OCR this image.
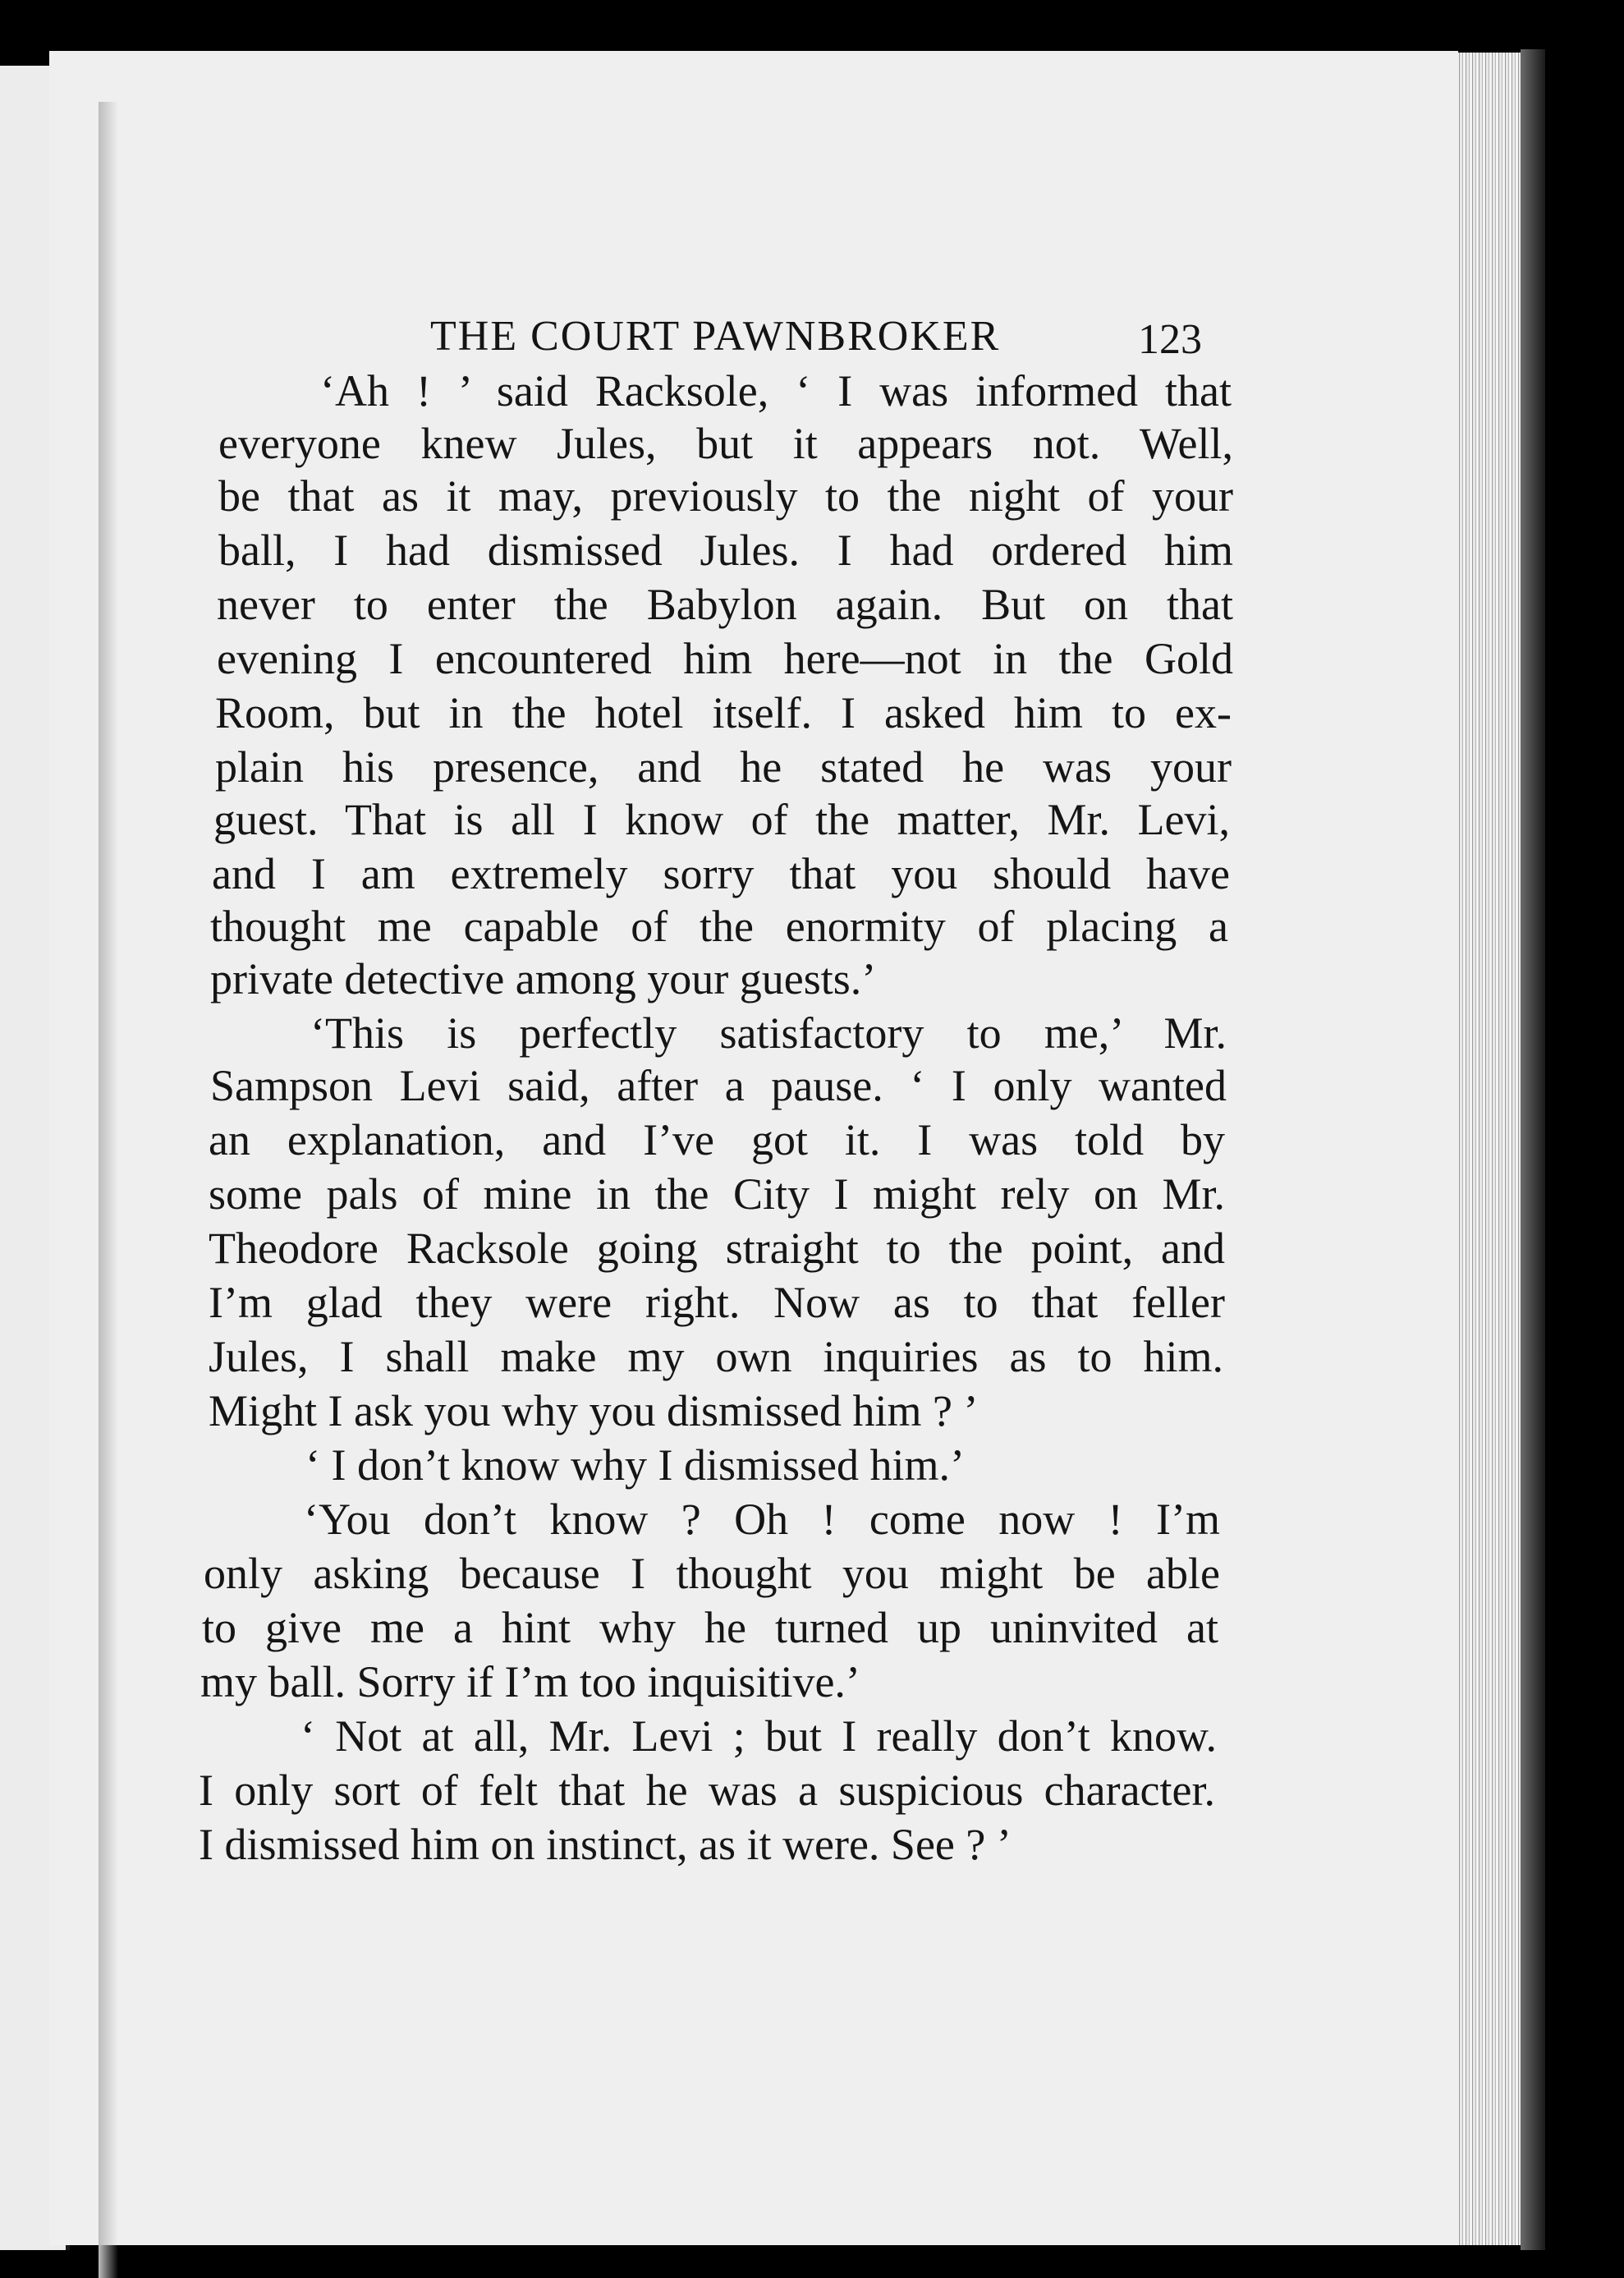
THE COURT PAWNBROKER	123
‘Ah ! ’ said Racksole, ‘ I was informed that
everyone knew Jules, but it appears not. Well,
be that as it may, previously to the night of your
ball, I had dismissed Jules. I had ordered him
never to enter the Babylon again. But on that
evening I encountered him here—not in the Gold
Room, but in the hotel itself. I asked him to ex-
plain his presence, and he stated he was your
guest. That is all I know of the matter, Mr. Levi,
and I am extremely sorry that you should have
thought me capable of the enormity of placing a
private detective among your guests.’
‘This is perfectly satisfactory to me,’ Mr.
Sampson Levi said, after a pause. ‘ I only wanted
an explanation, and I’ve got it. I was told by
some pals of mine in the City I might rely on Mr.
Theodore Racksole going straight to the point, and
I’m glad they were right. Now as to that feller
Jules, I shall make my own inquiries as to him.
Might I ask you why you dismissed him ? ’
‘ I don’t know why I dismissed him.’
‘You don’t know ? Oh ! come now ! I’m
only asking because I thought you might be able
to give me a hint why he turned up uninvited at
my ball. Sorry if I’m too inquisitive.’
‘ Not at all, Mr. Levi ; but I really don’t know.
I only sort of felt that he was a suspicious character.
I dismissed him on instinct, as it were. See ? ’
